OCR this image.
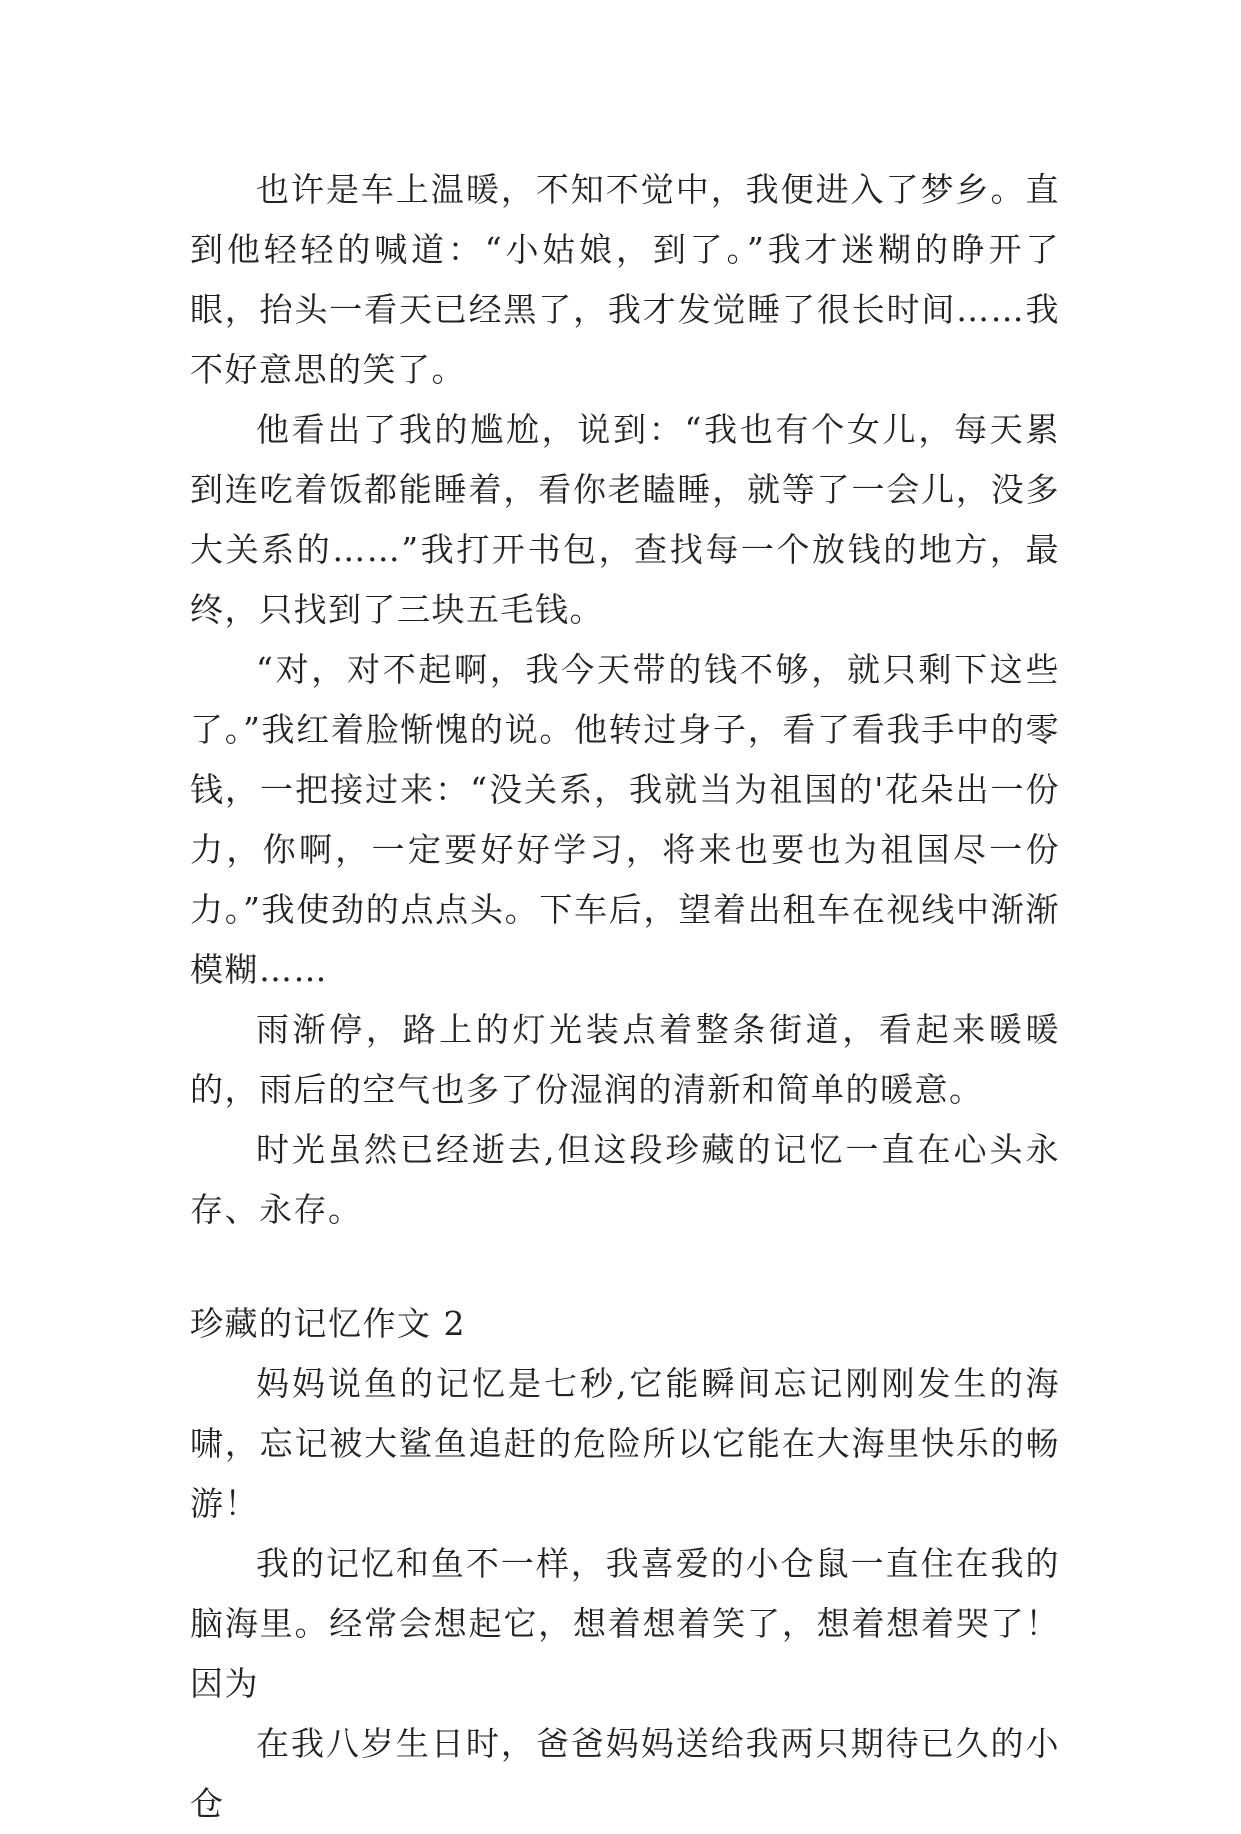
也许是车上温暖，不知不觉中，我便进入了梦乡。直到他轻轻的喊道：“小姑娘，到了。”我才迷糊的睁开了眼，抬头一看天已经黑了，我才发觉睡了很长时间……我不好意思的笑了。

他看出了我的尴尬，说到：“我也有个女儿，每天累到连吃着饭都能睡着，看你老瞌睡，就等了一会儿，没多大关系的……”我打开书包，查找每一个放钱的地方，最终，只找到了三块五毛钱。

“对，对不起啊，我今天带的钱不够，就只剩下这些了。”我红着脸惭愧的说。他转过身子，看了看我手中的零钱，一把接过来：“没关系，我就当为祖国的'花朵出一份力，你啊，一定要好好学习，将来也要也为祖国尽一份力。”我使劲的点点头。下车后，望着出租车在视线中渐渐模糊……

雨渐停，路上的灯光装点着整条街道，看起来暖暖的，雨后的空气也多了份湿润的清新和简单的暖意。

时光虽然已经逝去,但这段珍藏的记忆一直在心头永存、永存。

珍藏的记忆作文 2

妈妈说鱼的记忆是七秒,它能瞬间忘记刚刚发生的海啸，忘记被大鲨鱼追赶的危险所以它能在大海里快乐的畅游！

我的记忆和鱼不一样，我喜爱的小仓鼠一直住在我的脑海里。经常会想起它，想着想着笑了，想着想着哭了！因为

在我八岁生日时，爸爸妈妈送给我两只期待已久的小仓
